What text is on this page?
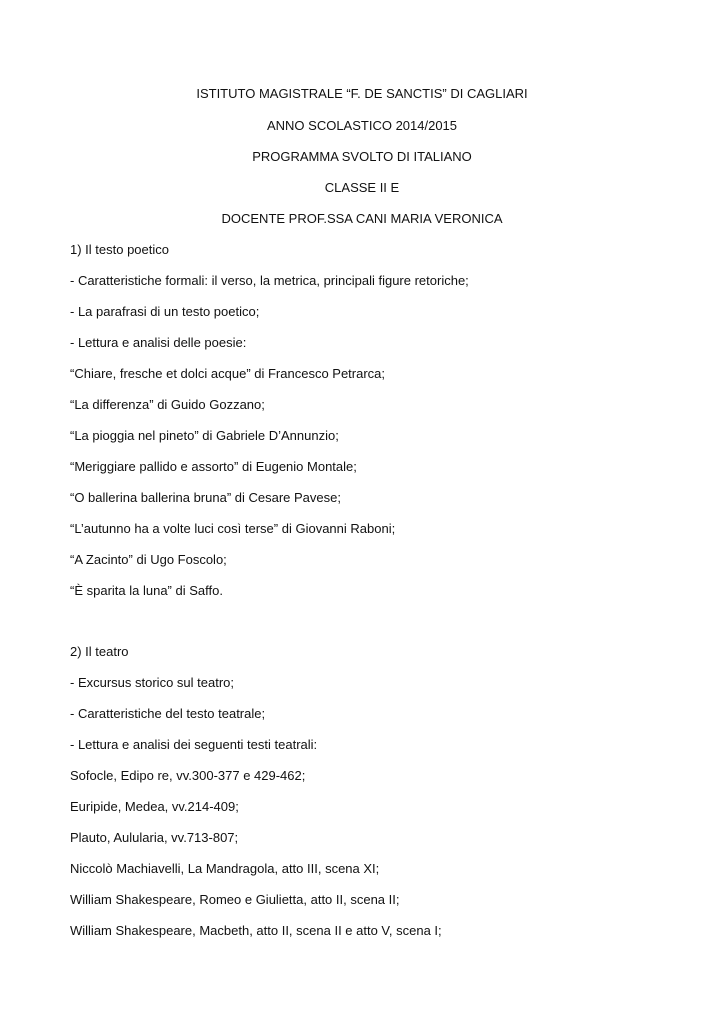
ISTITUTO MAGISTRALE “F. DE SANCTIS” DI CAGLIARI
ANNO SCOLASTICO 2014/2015
PROGRAMMA SVOLTO DI ITALIANO
CLASSE II E
DOCENTE PROF.SSA CANI MARIA VERONICA
1) Il testo poetico
- Caratteristiche formali: il verso, la metrica, principali figure retoriche;
- La parafrasi di un testo poetico;
- Lettura e analisi delle poesie:
“Chiare, fresche et dolci acque” di Francesco Petrarca;
“La differenza” di Guido Gozzano;
“La pioggia nel pineto” di Gabriele D’Annunzio;
“Meriggiare pallido e assorto” di Eugenio Montale;
“O ballerina ballerina bruna” di Cesare Pavese;
“L’autunno ha a volte luci così terse” di Giovanni Raboni;
“A Zacinto” di Ugo Foscolo;
“È sparita la luna” di Saffo.
2) Il teatro
- Excursus storico sul teatro;
- Caratteristiche del testo teatrale;
- Lettura e analisi dei seguenti testi teatrali:
Sofocle, Edipo re, vv.300-377 e 429-462;
Euripide, Medea, vv.214-409;
Plauto, Aulularia, vv.713-807;
Niccolò Machiavelli, La Mandragola, atto III, scena XI;
William Shakespeare, Romeo e Giulietta, atto II, scena II;
William Shakespeare, Macbeth, atto II, scena II e atto V, scena I;
